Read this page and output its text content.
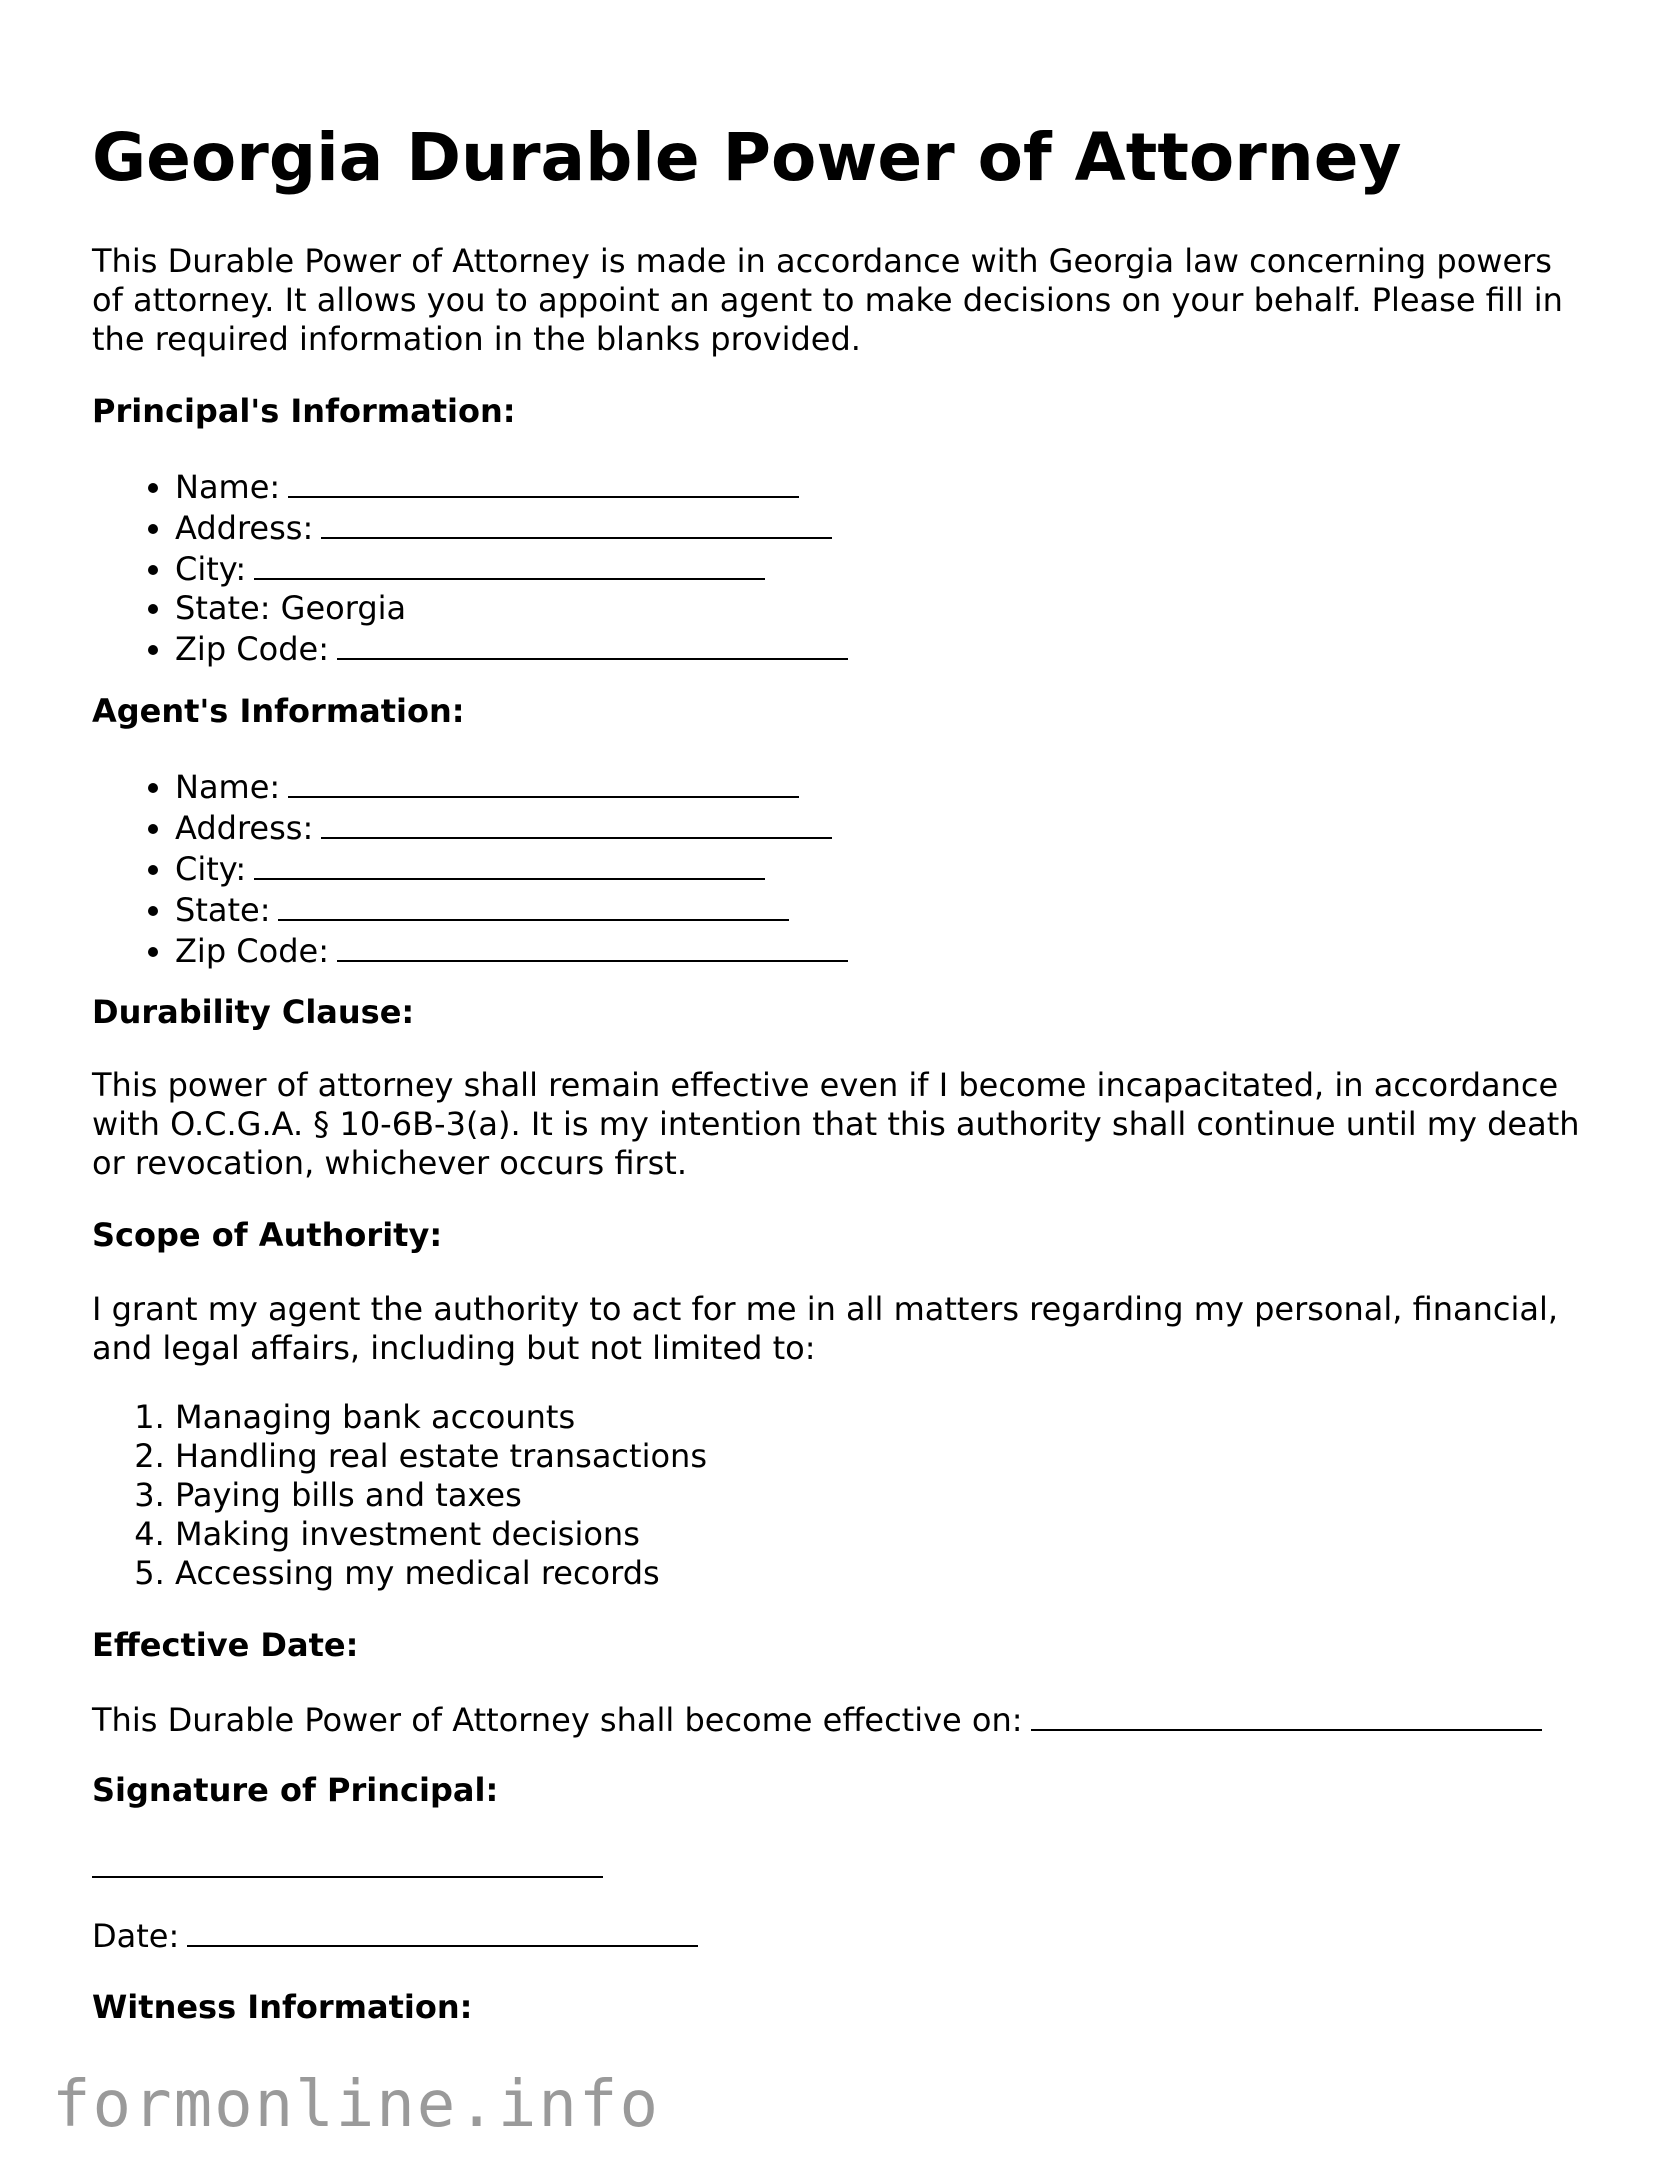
Georgia Durable Power of Attorney

This Durable Power of Attorney is made in accordance with Georgia law concerning powers of attorney. It allows you to appoint an agent to make decisions on your behalf. Please fill in the required information in the blanks provided.

Principal's Information:

• Name:
• Address:
• City:
• State: Georgia
• Zip Code:

Agent's Information:

• Name:
• Address:
• City:
• State:
• Zip Code:

Durability Clause:

This power of attorney shall remain effective even if I become incapacitated, in accordance with O.C.G.A. § 10-6B-3(a). It is my intention that this authority shall continue until my death or revocation, whichever occurs first.

Scope of Authority:

I grant my agent the authority to act for me in all matters regarding my personal, financial, and legal affairs, including but not limited to:

1. Managing bank accounts
2. Handling real estate transactions
3. Paying bills and taxes
4. Making investment decisions
5. Accessing my medical records

Effective Date:

This Durable Power of Attorney shall become effective on:

Signature of Principal:

Date:

Witness Information:

formonline.info
